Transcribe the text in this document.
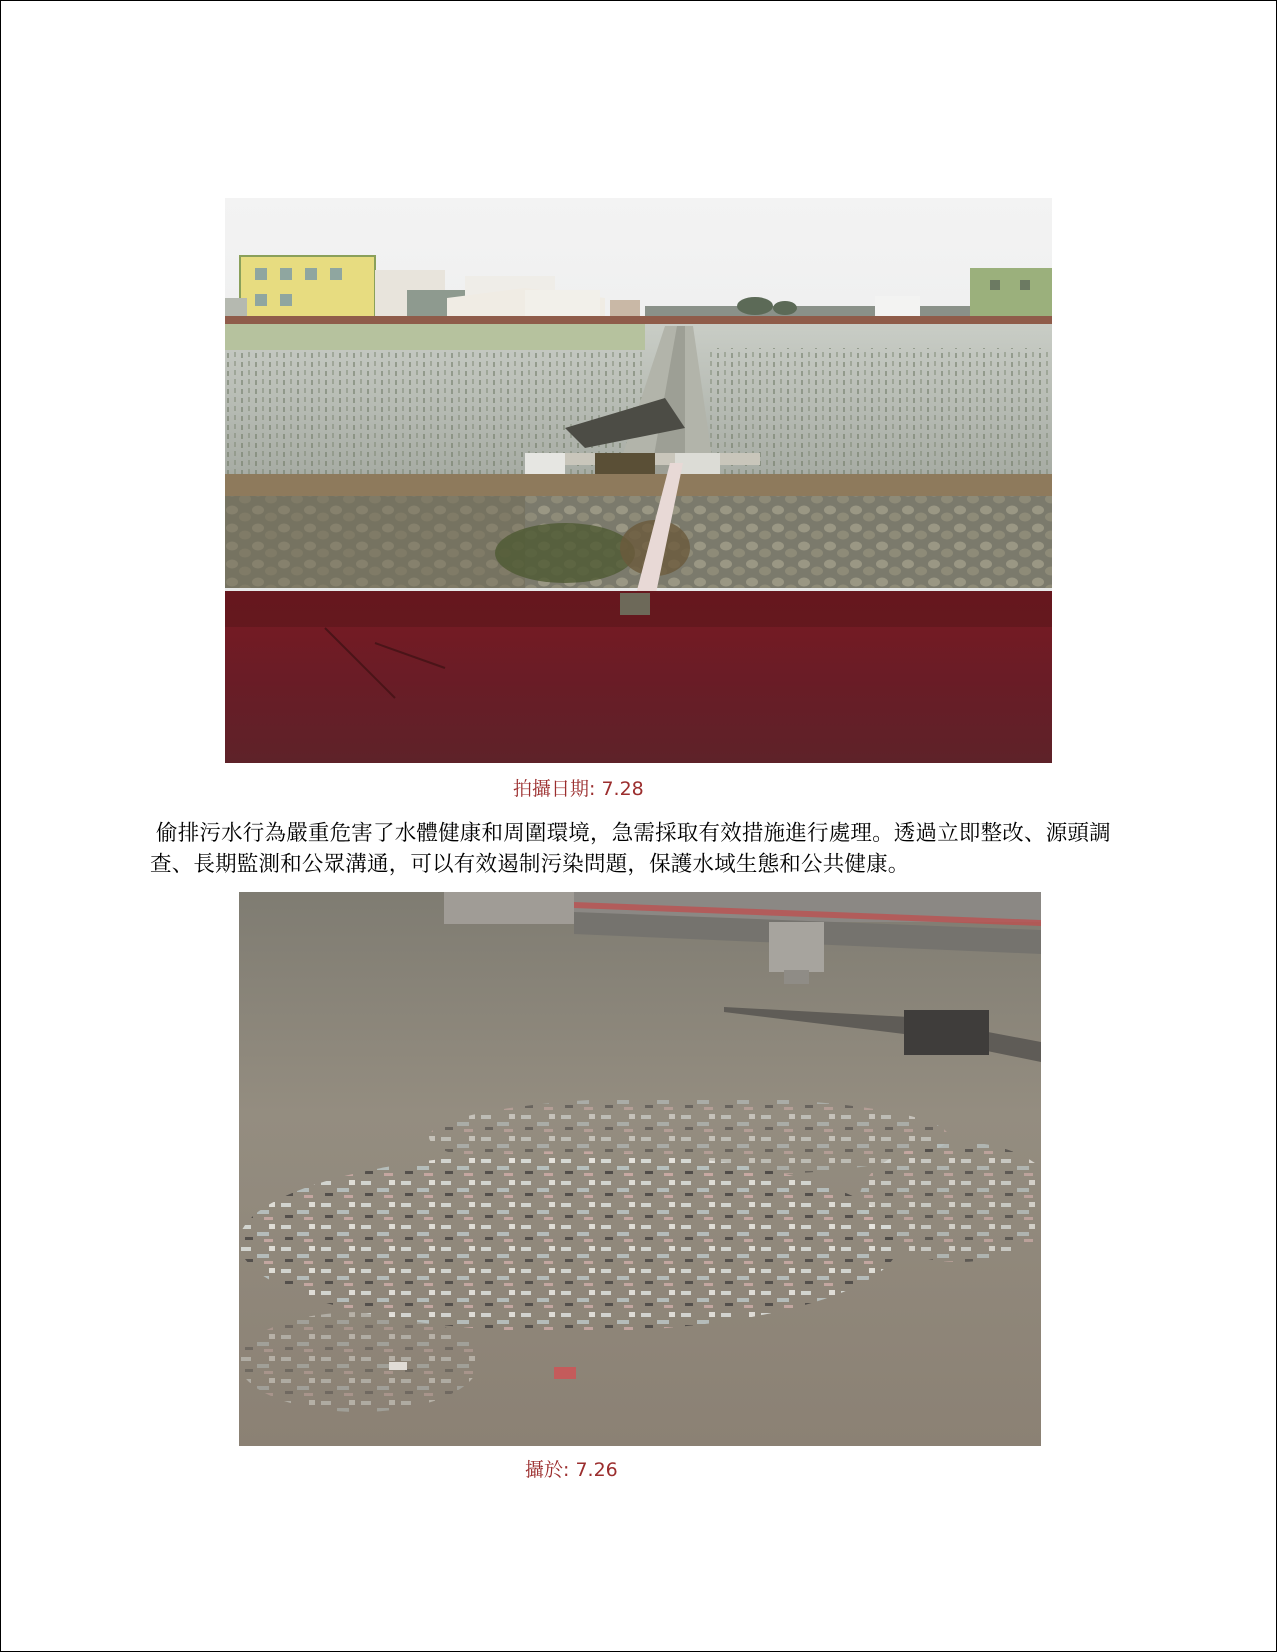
拍攝日期: 7.28

偷排污水行為嚴重危害了水體健康和周圍環境，急需採取有效措施進行處理。透過立即整改、源頭調查、長期監測和公眾溝通，可以有效遏制污染問題，保護水域生態和公共健康。

攝於: 7.26
